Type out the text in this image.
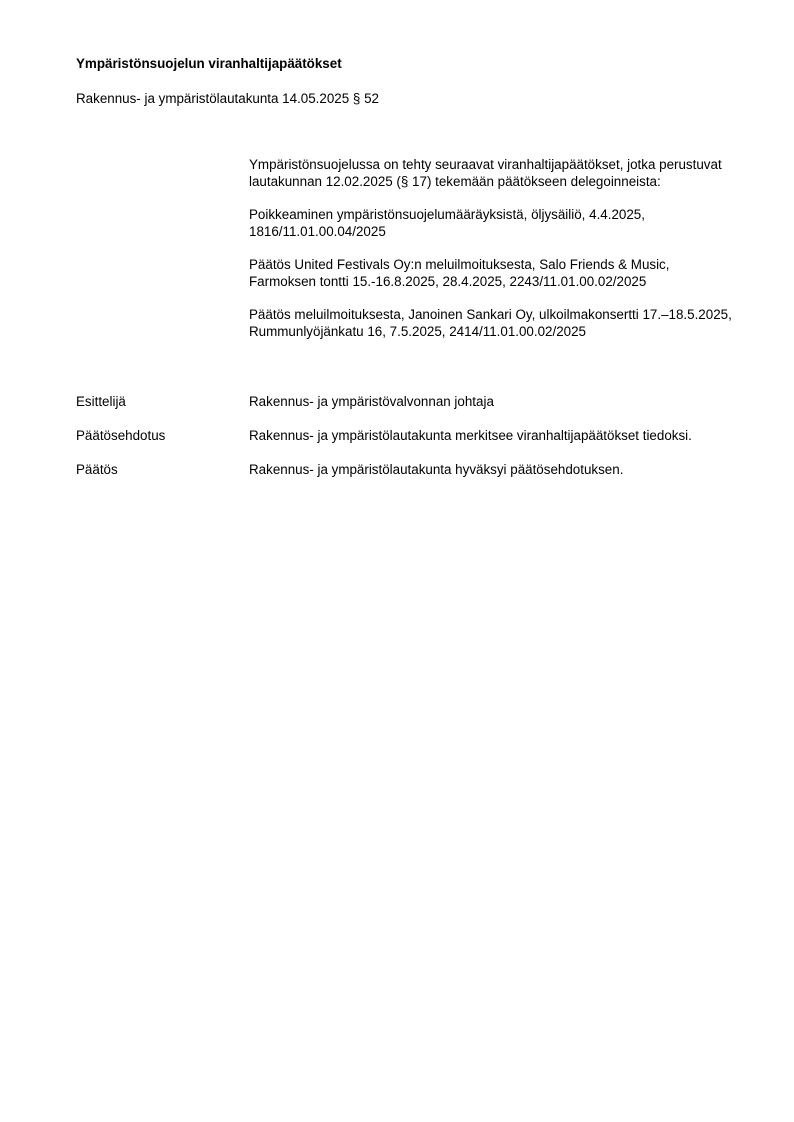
Ympäristönsuojelun viranhaltijapäätökset
Rakennus- ja ympäristölautakunta 14.05.2025 § 52

Ympäristönsuojelussa on tehty seuraavat viranhaltijapäätökset, jotka perustuvat lautakunnan 12.02.2025 (§ 17) tekemään päätökseen delegoinneista:

Poikkeaminen ympäristönsuojelumääräyksistä, öljysäiliö, 4.4.2025, 1816/11.01.00.04/2025

Päätös United Festivals Oy:n meluilmoituksesta, Salo Friends & Music, Farmoksen tontti 15.-16.8.2025, 28.4.2025, 2243/11.01.00.02/2025

Päätös meluilmoituksesta, Janoinen Sankari Oy, ulkoilmakonsertti 17.–18.5.2025, Rummunlyöjänkatu 16, 7.5.2025, 2414/11.01.00.02/2025

Esittelijä	Rakennus- ja ympäristövalvonnan johtaja
Päätösehdotus	Rakennus- ja ympäristölautakunta merkitsee viranhaltijapäätökset tiedoksi.
Päätös	Rakennus- ja ympäristölautakunta hyväksyi päätösehdotuksen.
